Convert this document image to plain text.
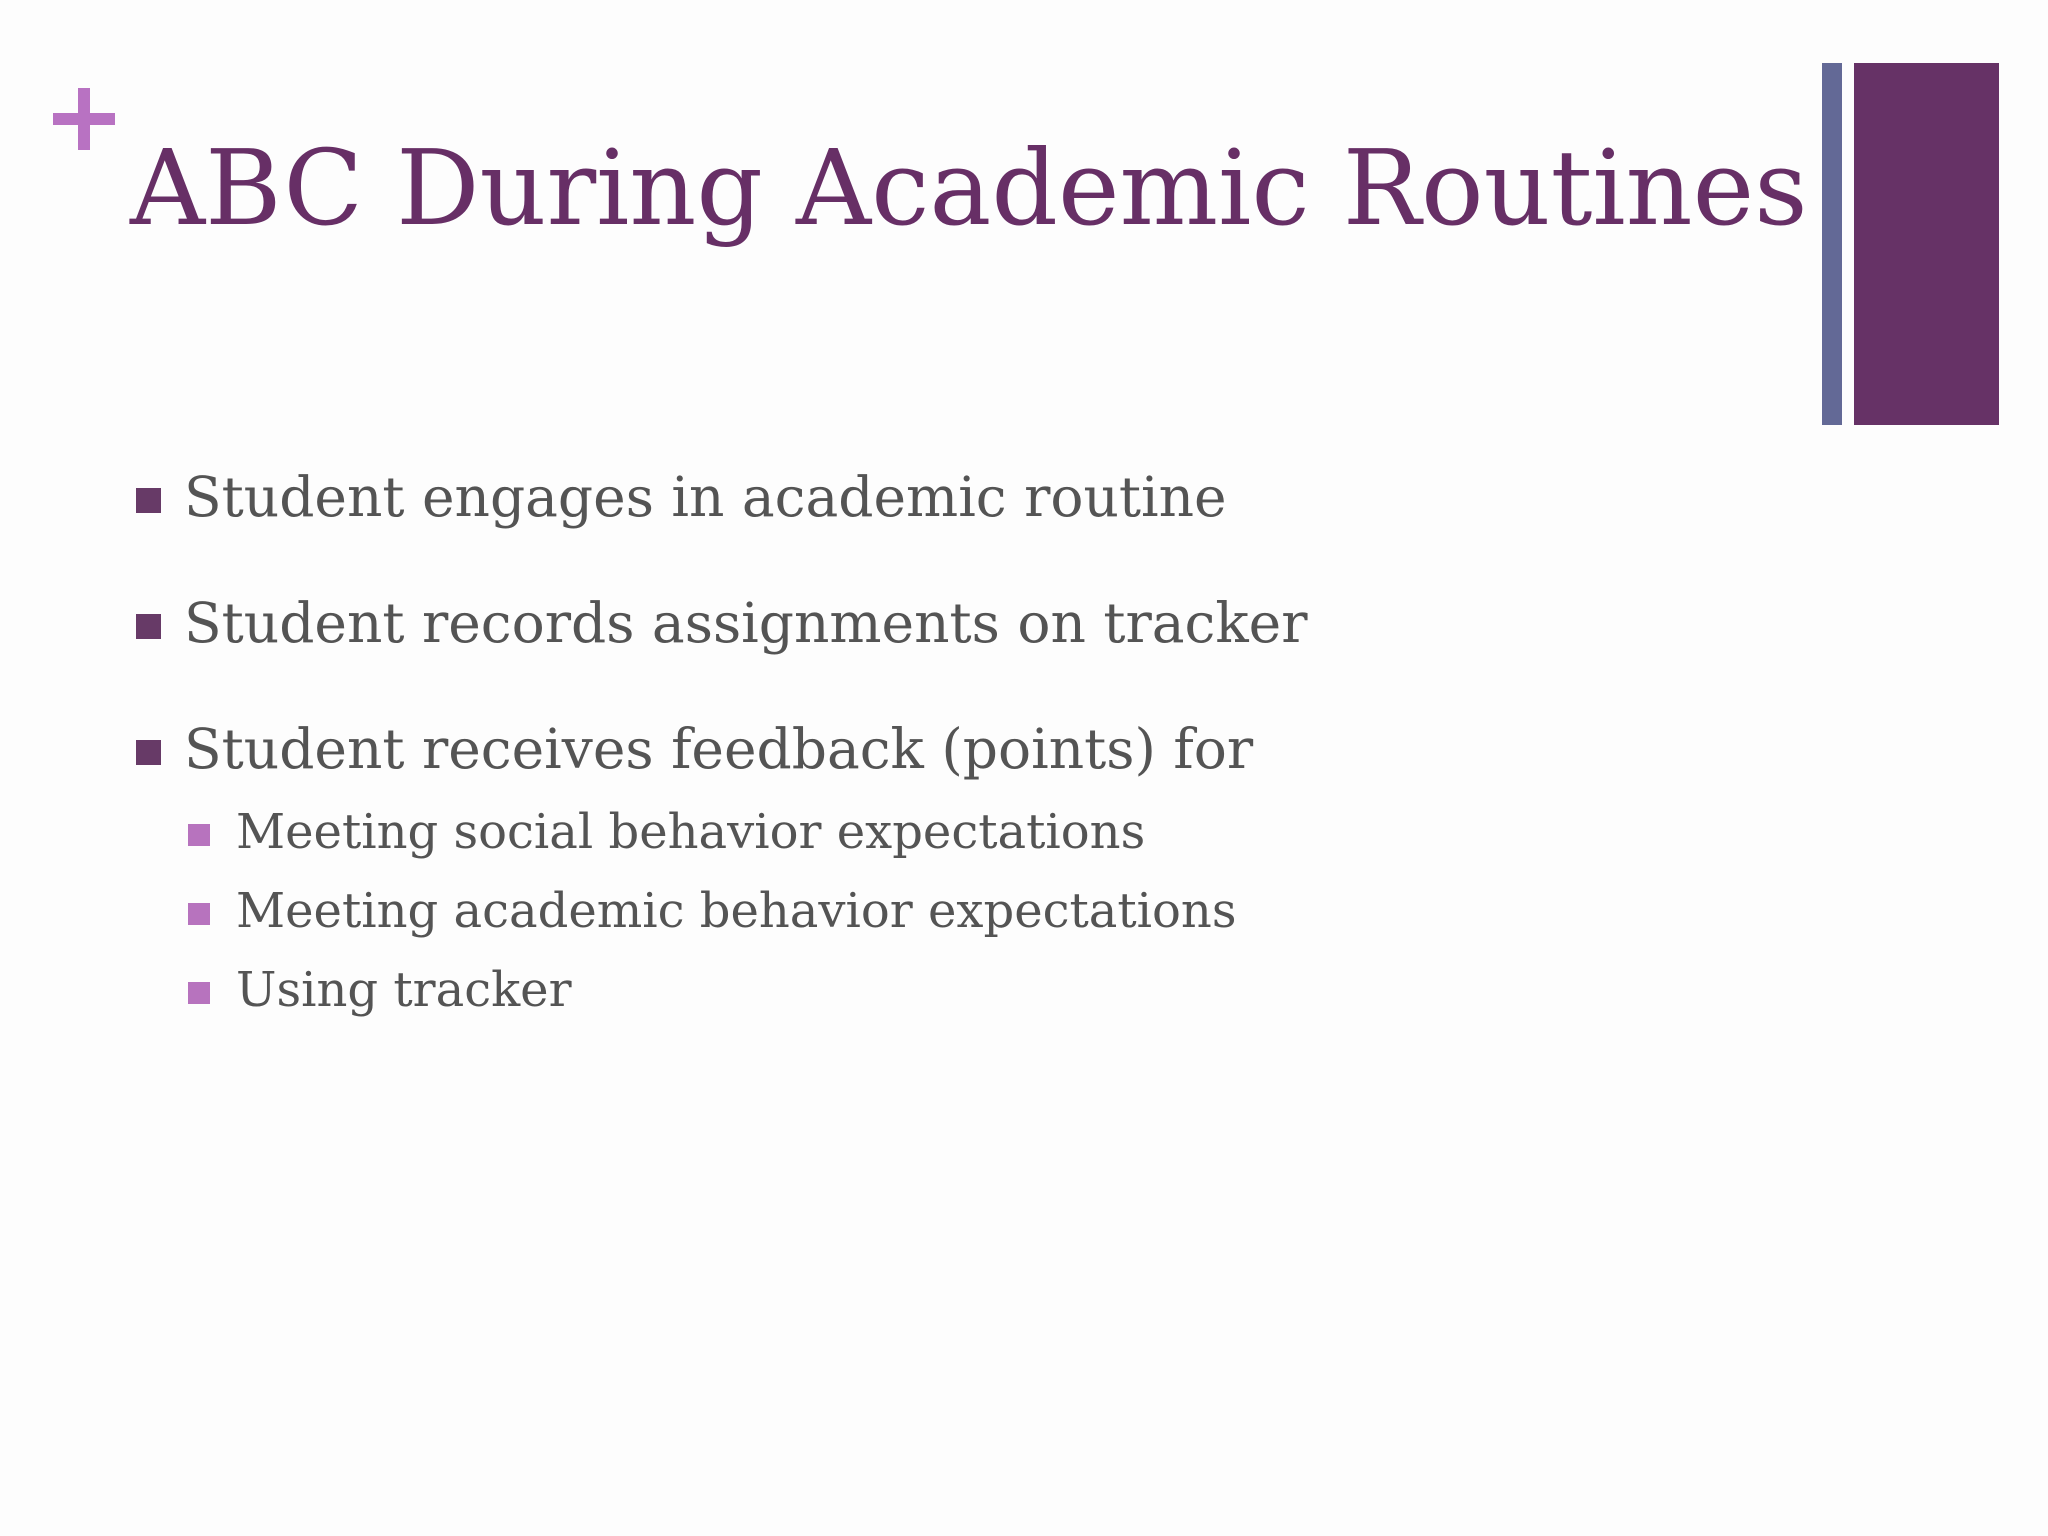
ABC During Academic Routines
Student engages in academic routine
Student records assignments on tracker
Student receives feedback (points) for
Meeting social behavior expectations
Meeting academic behavior expectations
Using tracker
